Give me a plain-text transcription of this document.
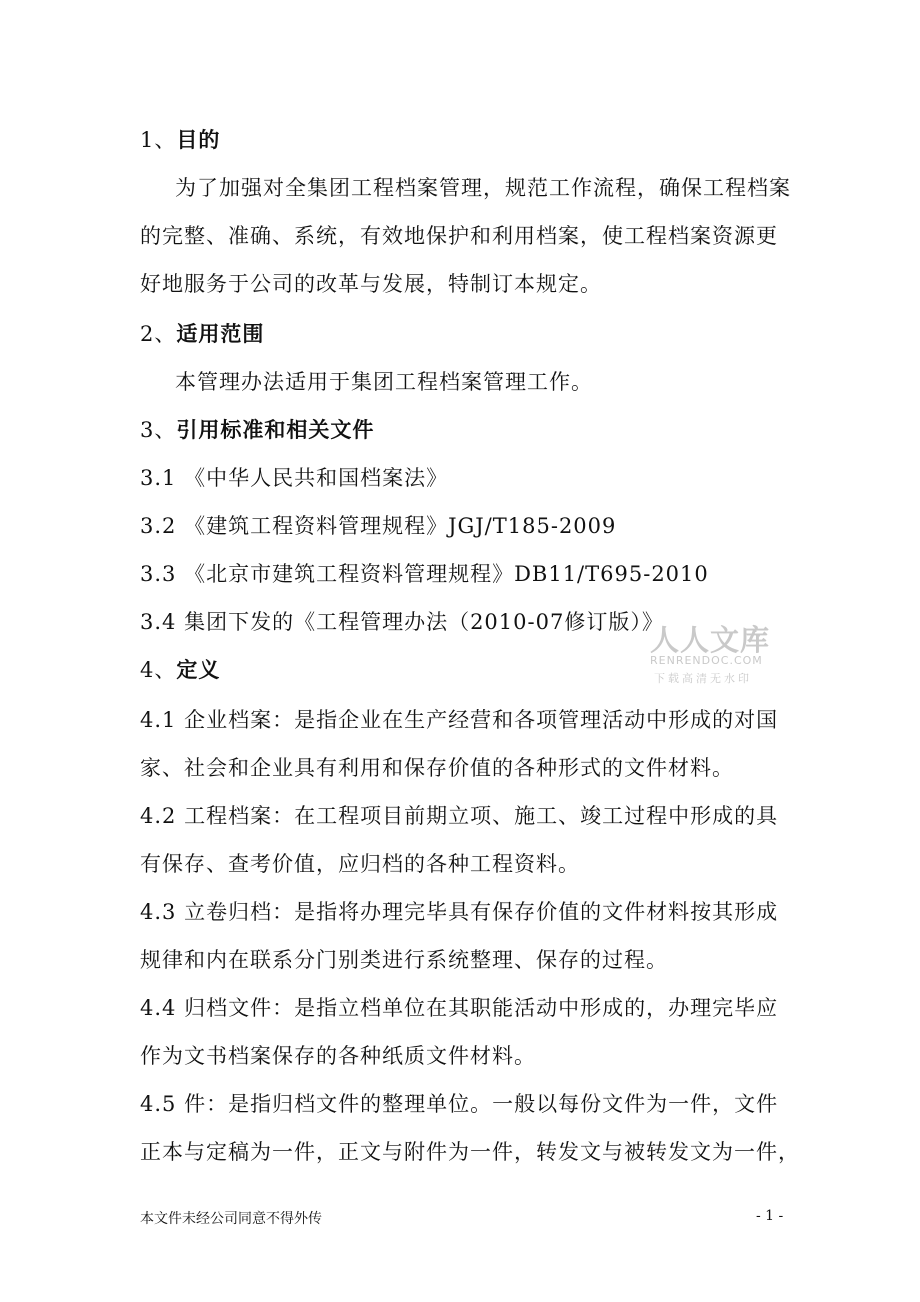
1、目的
为了加强对全集团工程档案管理，规范工作流程，确保工程档案
的完整、准确、系统，有效地保护和利用档案，使工程档案资源更
好地服务于公司的改革与发展，特制订本规定。
2、适用范围
本管理办法适用于集团工程档案管理工作。
3、引用标准和相关文件
3.1 《中华人民共和国档案法》
3.2 《建筑工程资料管理规程》JGJ/T185-2009
3.3 《北京市建筑工程资料管理规程》DB11/T695-2010
3.4 集团下发的《工程管理办法（2010-07修订版）》
4、定义
4.1 企业档案：是指企业在生产经营和各项管理活动中形成的对国
家、社会和企业具有利用和保存价值的各种形式的文件材料。
4.2 工程档案：在工程项目前期立项、施工、竣工过程中形成的具
有保存、查考价值，应归档的各种工程资料。
4.3 立卷归档：是指将办理完毕具有保存价值的文件材料按其形成
规律和内在联系分门别类进行系统整理、保存的过程。
4.4 归档文件：是指立档单位在其职能活动中形成的，办理完毕应
作为文书档案保存的各种纸质文件材料。
4.5 件：是指归档文件的整理单位。一般以每份文件为一件，文件
正本与定稿为一件，正文与附件为一件，转发文与被转发文为一件，
人人文库
RENRENDOC.COM
下载高清无水印
本文件未经公司同意不得外传	- 1 -
